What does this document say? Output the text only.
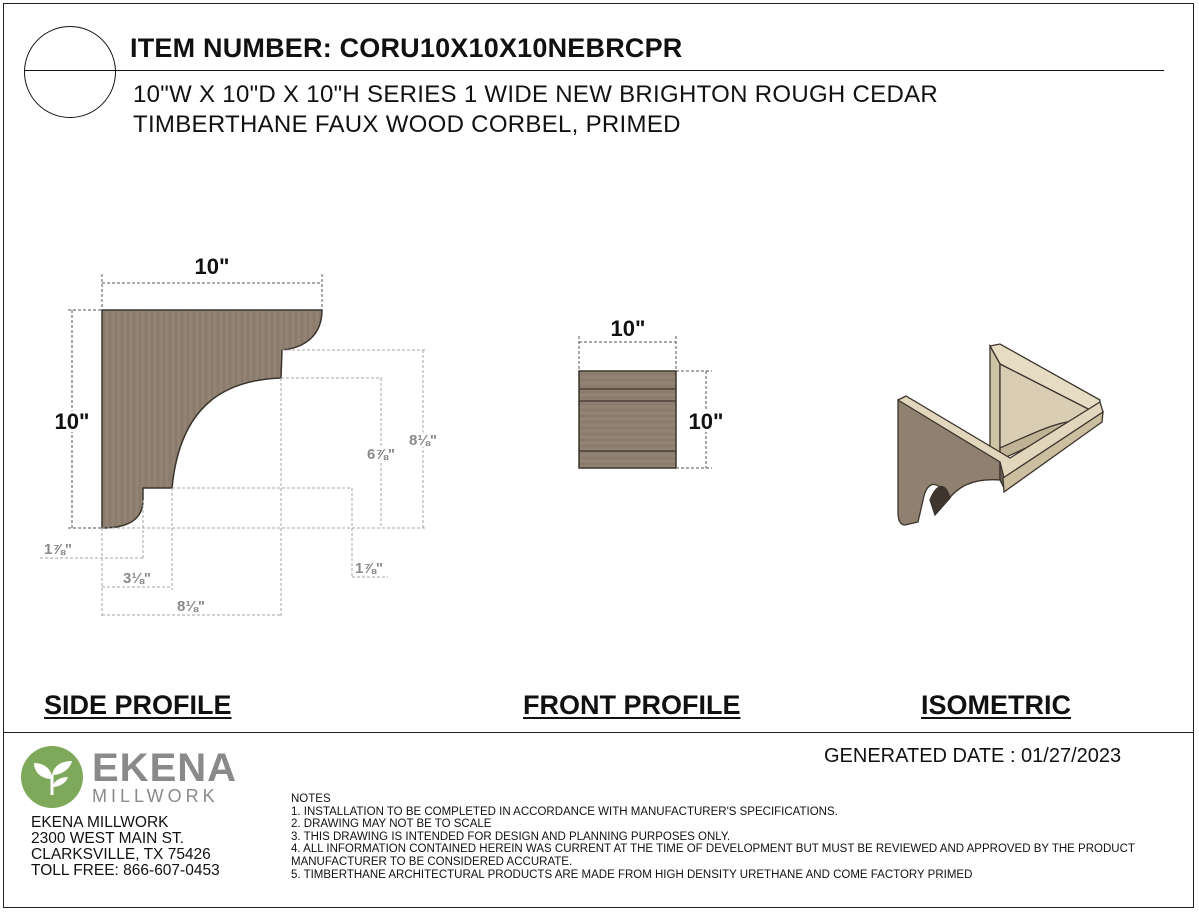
ITEM NUMBER: CORU10X10X10NEBRCPR
10"W X 10"D X 10"H SERIES 1 WIDE NEW BRIGHTON ROUGH CEDAR
TIMBERTHANE FAUX WOOD CORBEL, PRIMED
10"
10"
1⅞"
3⅛"
8⅛"
6⅞"
8⅛"
1⅞"
10"
10"
SIDE PROFILE	FRONT PROFILE	ISOMETRIC
GENERATED DATE : 01/27/2023
EKENA
MILLWORK
EKENA MILLWORK
2300 WEST MAIN ST.
CLARKSVILLE, TX 75426
TOLL FREE: 866-607-0453
NOTES
1. INSTALLATION TO BE COMPLETED IN ACCORDANCE WITH MANUFACTURER'S SPECIFICATIONS.
2. DRAWING MAY NOT BE TO SCALE
3. THIS DRAWING IS INTENDED FOR DESIGN AND PLANNING PURPOSES ONLY.
4. ALL INFORMATION CONTAINED HEREIN WAS CURRENT AT THE TIME OF DEVELOPMENT BUT MUST BE REVIEWED AND APPROVED BY THE PRODUCT MANUFACTURER TO BE CONSIDERED ACCURATE.
5. TIMBERTHANE ARCHITECTURAL PRODUCTS ARE MADE FROM HIGH DENSITY URETHANE AND COME FACTORY PRIMED
